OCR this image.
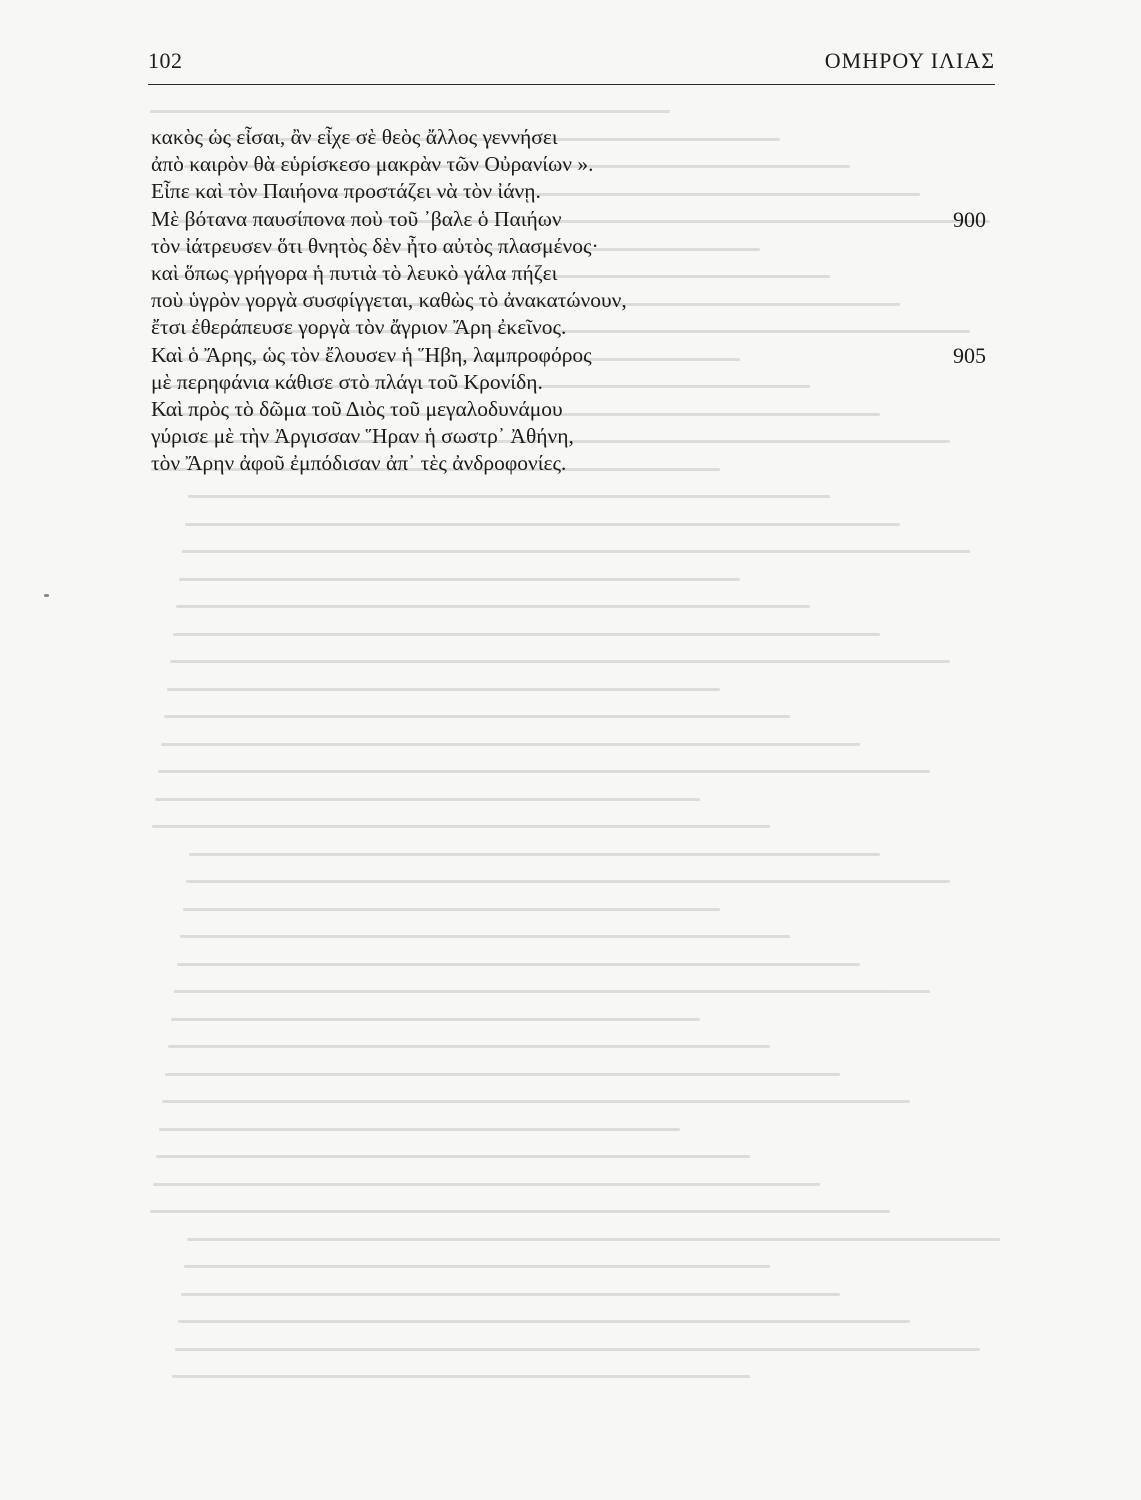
102	ΟΜΗΡΟΥ ΙΛΙΑΣ
κακὸς ὡς εἶσαι, ἂν εἶχε σὲ θεὸς ἄλλος γεννήσει
ἀπὸ καιρὸν θὰ εὑρίσκεσο μακρὰν τῶν Οὐρανίων ».
Εἶπε καὶ τὸν Παιήονα προστάζει νὰ τὸν ἰάνῃ.
Μὲ βότανα παυσίπονα ποὺ τοῦ ᾿βαλε ὁ Παιήων	900
τὸν ἰάτρευσεν ὅτι θνητὸς δὲν ἦτο αὐτὸς πλασμένος·
καὶ ὅπως γρήγορα ἡ πυτιὰ τὸ λευκὸ γάλα πήζει
ποὺ ὑγρὸν γοργὰ συσφίγγεται, καθὼς τὸ ἀνακατώνουν,
ἔτσι ἐθεράπευσε γοργὰ τὸν ἄγριον Ἄρη ἐκεῖνος.
Καὶ ὁ Ἄρης, ὡς τὸν ἔλουσεν ἡ Ἥβη, λαμπροφόρος	905
μὲ περηφάνια κάθισε στὸ πλάγι τοῦ Κρονίδη.
Καὶ πρὸς τὸ δῶμα τοῦ Διὸς τοῦ μεγαλοδυνάμου
γύρισε μὲ τὴν Ἀργισσαν Ἥραν ἡ σωστρ᾿ Ἀθήνη,
τὸν Ἄρην ἀφοῦ ἐμπόδισαν ἀπ᾿ τὲς ἀνδροφονίες.
